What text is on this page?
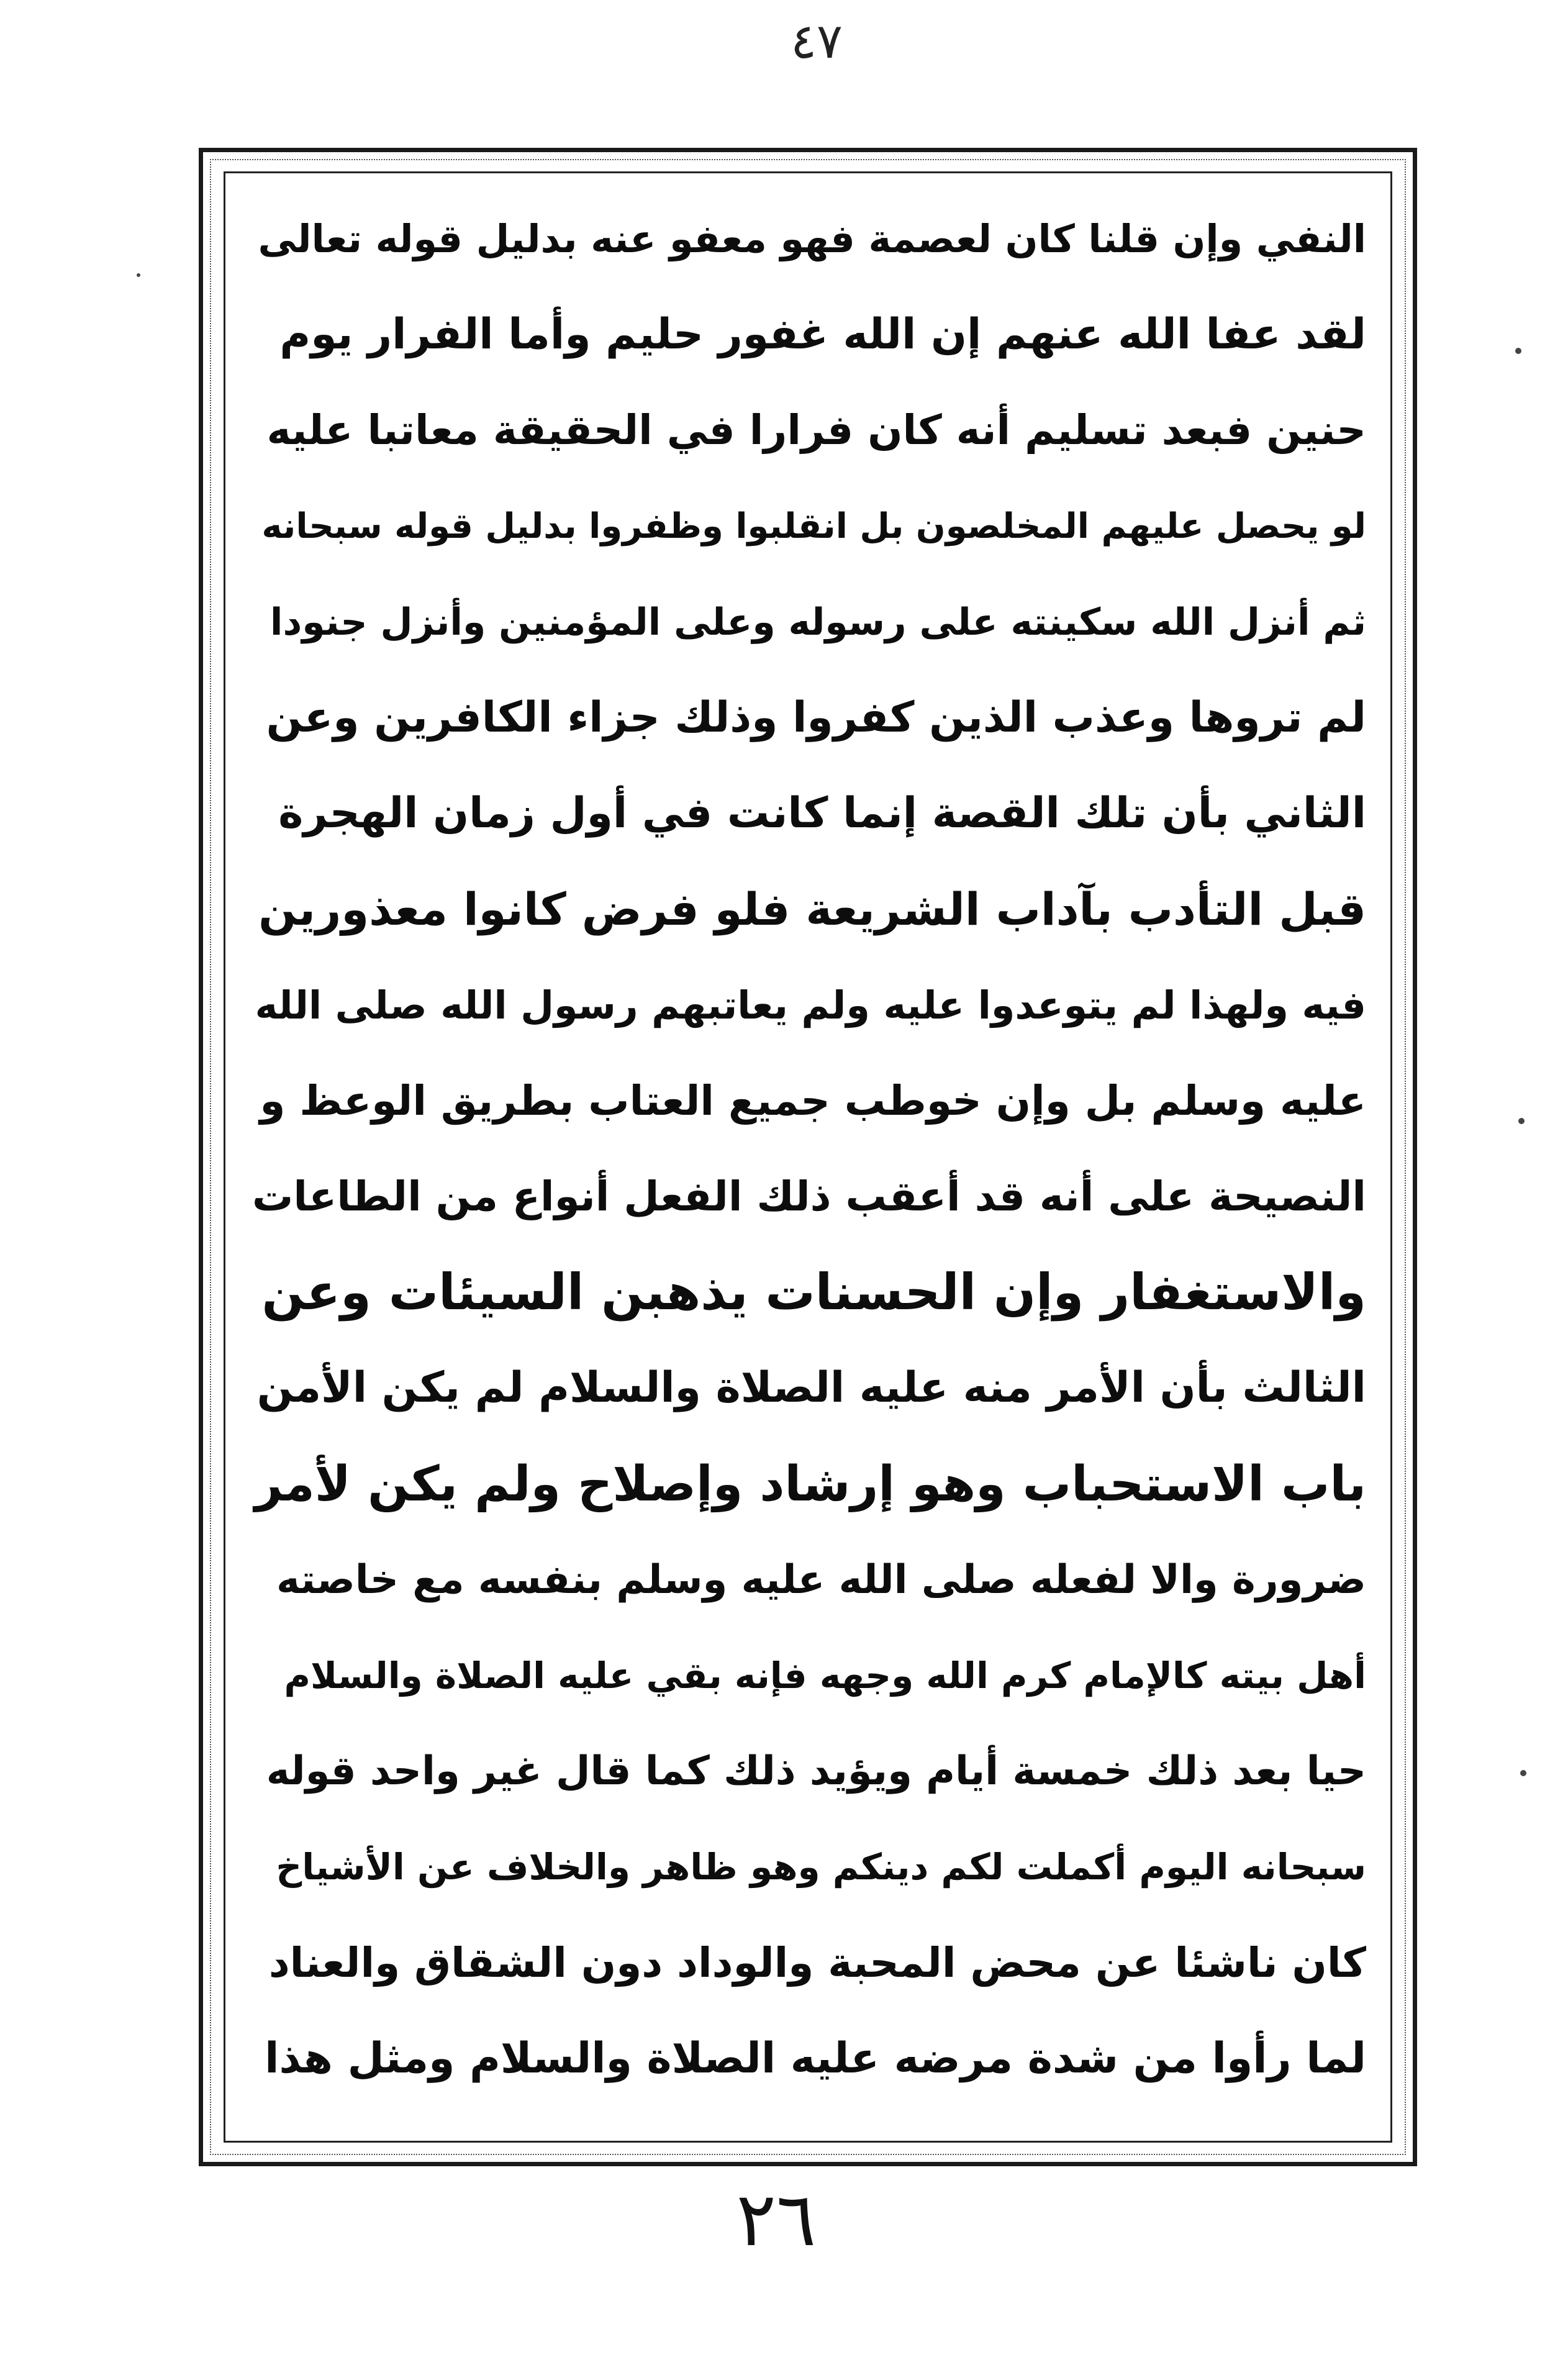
٤٧
النفي وإن قلنا كان لعصمة فهو معفو عنه بدليل قوله تعالى
لقد عفا الله عنهم إن الله غفور حليم وأما الفرار يوم
حنين فبعد تسليم أنه كان فرارا في الحقيقة معاتبا عليه
لو يحصل عليهم المخلصون بل انقلبوا وظفروا بدليل قوله سبحانه
ثم أنزل الله سكينته على رسوله وعلى المؤمنين وأنزل جنودا
لم تروها وعذب الذين كفروا وذلك جزاء الكافرين وعن
الثاني بأن تلك القصة إنما كانت في أول زمان الهجرة
قبل التأدب بآداب الشريعة فلو فرض كانوا معذورين
فيه ولهذا لم يتوعدوا عليه ولم يعاتبهم رسول الله صلى الله
عليه وسلم بل وإن خوطب جميع العتاب بطريق الوعظ و
النصيحة على أنه قد أعقب ذلك الفعل أنواع من الطاعات
والاستغفار وإن الحسنات يذهبن السيئات وعن
الثالث بأن الأمر منه عليه الصلاة والسلام لم يكن الأمن
باب الاستحباب وهو إرشاد وإصلاح ولم يكن لأمر
ضرورة والا لفعله صلى الله عليه وسلم بنفسه مع خاصته
أهل بيته كالإمام كرم الله وجهه فإنه بقي عليه الصلاة والسلام
حيا بعد ذلك خمسة أيام ويؤيد ذلك كما قال غير واحد قوله
سبحانه اليوم أكملت لكم دينكم وهو ظاهر والخلاف عن الأشياخ
كان ناشئا عن محض المحبة والوداد دون الشقاق والعناد
لما رأوا من شدة مرضه عليه الصلاة والسلام ومثل هذا
٢٦
